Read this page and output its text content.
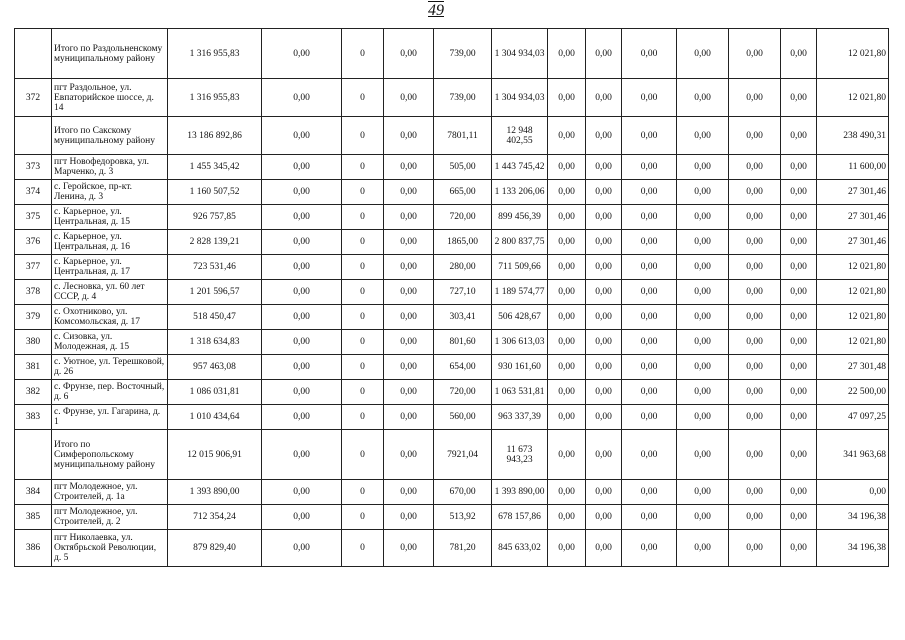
49
	Итого по Раздольненскому муниципальному району	1 316 955,83	0,00	0	0,00	739,00	1 304 934,03	0,00	0,00	0,00	0,00	0,00	0,00	12 021,80
372	пгт Раздольное, ул. Евпаторийское шоссе, д. 14	1 316 955,83	0,00	0	0,00	739,00	1 304 934,03	0,00	0,00	0,00	0,00	0,00	0,00	12 021,80
	Итого по Сакскому муниципальному району	13 186 892,86	0,00	0	0,00	7801,11	12 948 402,55	0,00	0,00	0,00	0,00	0,00	0,00	238 490,31
373	пгт Новофедоровка, ул. Марченко, д. 3	1 455 345,42	0,00	0	0,00	505,00	1 443 745,42	0,00	0,00	0,00	0,00	0,00	0,00	11 600,00
374	с. Геройское, пр-кт. Ленина, д. 3	1 160 507,52	0,00	0	0,00	665,00	1 133 206,06	0,00	0,00	0,00	0,00	0,00	0,00	27 301,46
375	с. Карьерное, ул. Центральная, д. 15	926 757,85	0,00	0	0,00	720,00	899 456,39	0,00	0,00	0,00	0,00	0,00	0,00	27 301,46
376	с. Карьерное, ул. Центральная, д. 16	2 828 139,21	0,00	0	0,00	1865,00	2 800 837,75	0,00	0,00	0,00	0,00	0,00	0,00	27 301,46
377	с. Карьерное, ул. Центральная, д. 17	723 531,46	0,00	0	0,00	280,00	711 509,66	0,00	0,00	0,00	0,00	0,00	0,00	12 021,80
378	с. Лесновка, ул. 60 лет СССР, д. 4	1 201 596,57	0,00	0	0,00	727,10	1 189 574,77	0,00	0,00	0,00	0,00	0,00	0,00	12 021,80
379	с. Охотниково, ул. Комсомольская, д. 17	518 450,47	0,00	0	0,00	303,41	506 428,67	0,00	0,00	0,00	0,00	0,00	0,00	12 021,80
380	с. Сизовка, ул. Молодежная, д. 15	1 318 634,83	0,00	0	0,00	801,60	1 306 613,03	0,00	0,00	0,00	0,00	0,00	0,00	12 021,80
381	с. Уютное, ул. Терешковой, д. 26	957 463,08	0,00	0	0,00	654,00	930 161,60	0,00	0,00	0,00	0,00	0,00	0,00	27 301,48
382	с. Фрунзе, пер. Восточный, д. 6	1 086 031,81	0,00	0	0,00	720,00	1 063 531,81	0,00	0,00	0,00	0,00	0,00	0,00	22 500,00
383	с. Фрунзе, ул. Гагарина, д. 1	1 010 434,64	0,00	0	0,00	560,00	963 337,39	0,00	0,00	0,00	0,00	0,00	0,00	47 097,25
	Итого по Симферопольскому муниципальному району	12 015 906,91	0,00	0	0,00	7921,04	11 673 943,23	0,00	0,00	0,00	0,00	0,00	0,00	341 963,68
384	пгт Молодежное, ул. Строителей, д. 1а	1 393 890,00	0,00	0	0,00	670,00	1 393 890,00	0,00	0,00	0,00	0,00	0,00	0,00	0,00
385	пгт Молодежное, ул. Строителей, д. 2	712 354,24	0,00	0	0,00	513,92	678 157,86	0,00	0,00	0,00	0,00	0,00	0,00	34 196,38
386	пгт Николаевка, ул. Октябрьской Революции, д. 5	879 829,40	0,00	0	0,00	781,20	845 633,02	0,00	0,00	0,00	0,00	0,00	0,00	34 196,38
